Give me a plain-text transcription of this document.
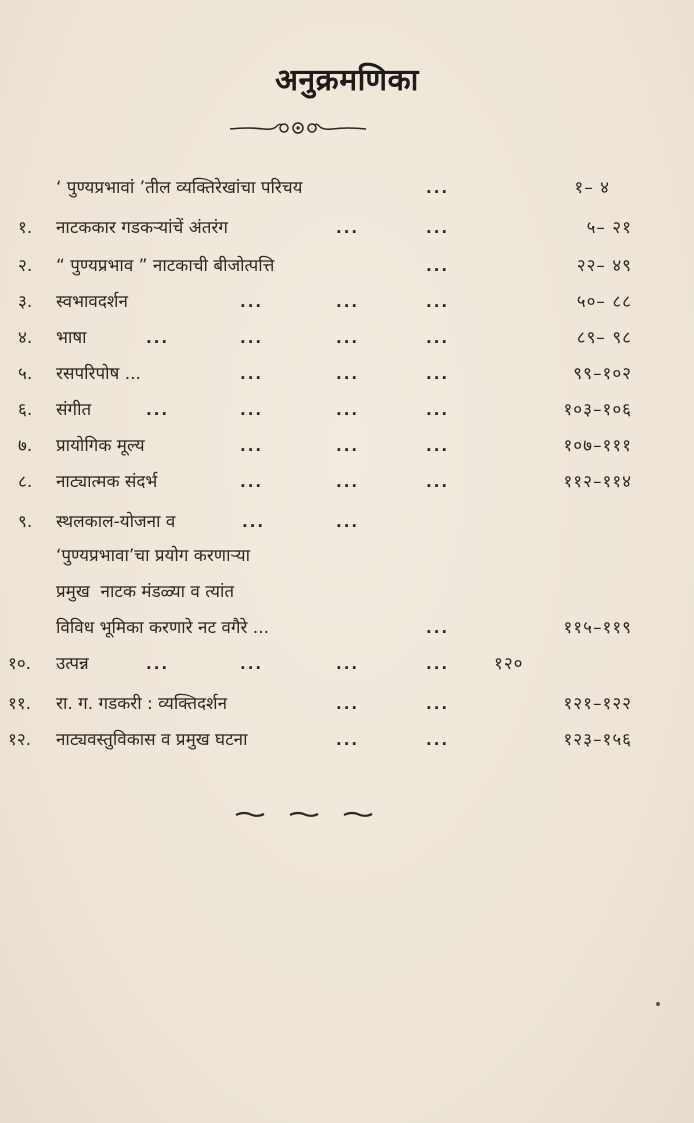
अनुक्रमणिका
‘ पुण्यप्रभावां ’तील व्यक्तिरेखांचा परिचय	...	१– ४
१. नाटककार गडकऱ्यांचें अंतरंग	...	...	५– २१
२. “ पुण्यप्रभाव ” नाटकाची बीजोत्पत्ति	...	२२– ४९
३. स्वभावदर्शन	...	...	...	५०– ८८
४. भाषा	...	...	...	...	८९– ९८
५. रसपरिपोष ...	...	...	...	९९–१०२
६. संगीत	...	...	...	...	१०३–१०६
७. प्रायोगिक मूल्य	...	...	...	१०७–१११
८. नाट्यात्मक संदर्भ	...	...	...	११२–११४
९. स्थलकाल-योजना व	...	...
‘पुण्यप्रभावा’चा प्रयोग करणाऱ्या
प्रमुख  नाटक मंडळ्या व त्यांत
विविध भूमिका करणारे नट वगैरे ...	...	११५–११९
१०. उत्पन्न	...	...	...	...	१२०
११. रा. ग. गडकरी : व्यक्तिदर्शन	...	...	१२१–१२२
१२. नाट्यवस्तुविकास व प्रमुख घटना	...	...	१२३–१५६
